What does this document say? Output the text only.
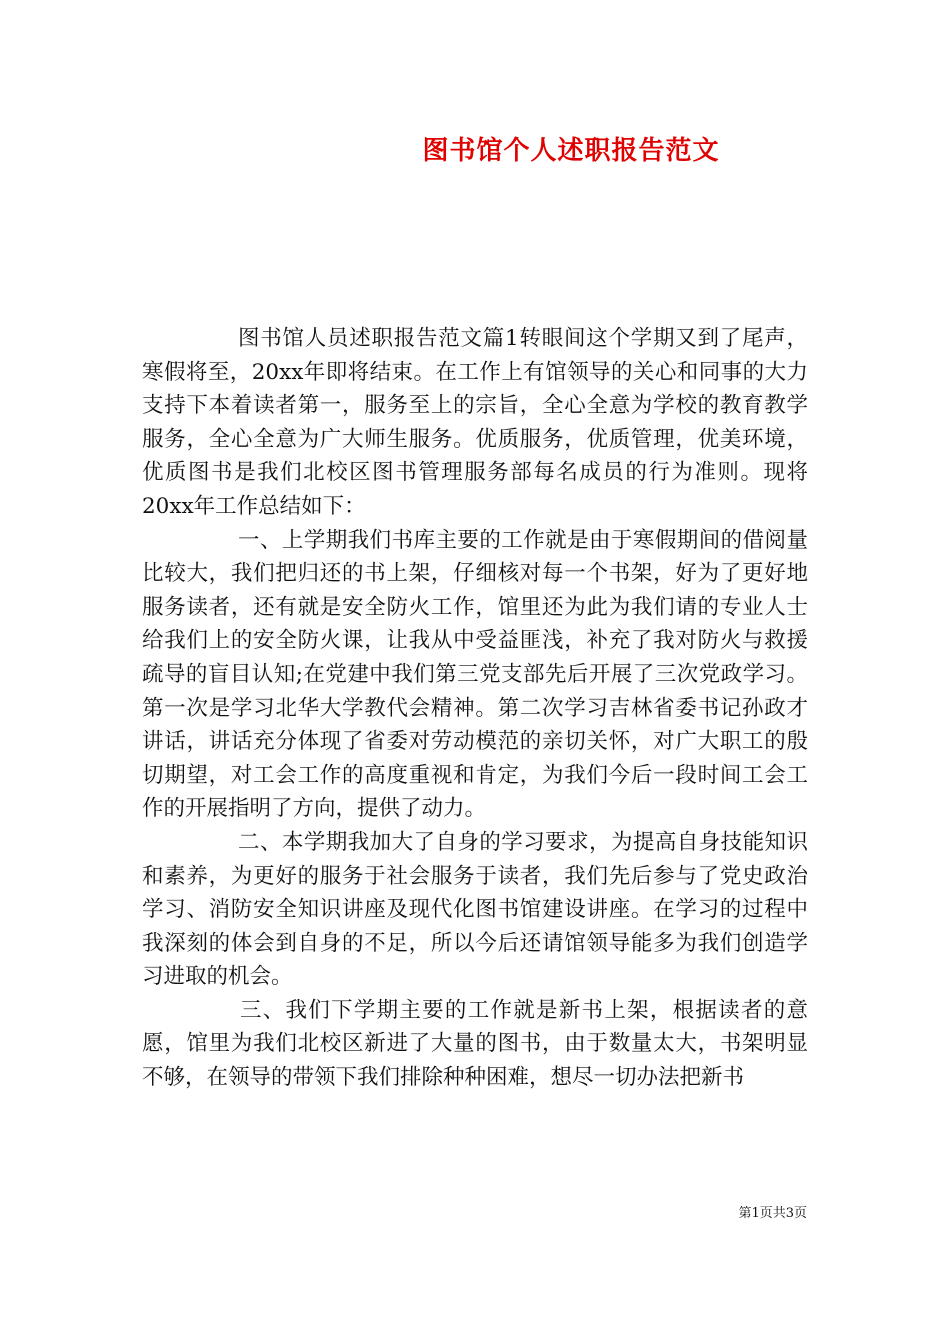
图书馆个人述职报告范文

图书馆人员述职报告范文篇1转眼间这个学期又到了尾声，寒假将至，20xx年即将结束。在工作上有馆领导的关心和同事的大力支持下本着读者第一，服务至上的宗旨，全心全意为学校的教育教学服务，全心全意为广大师生服务。优质服务，优质管理，优美环境，优质图书是我们北校区图书管理服务部每名成员的行为准则。现将20xx年工作总结如下：

一、上学期我们书库主要的工作就是由于寒假期间的借阅量比较大，我们把归还的书上架，仔细核对每一个书架，好为了更好地服务读者，还有就是安全防火工作，馆里还为此为我们请的专业人士给我们上的安全防火课，让我从中受益匪浅，补充了我对防火与救援疏导的盲目认知;在党建中我们第三党支部先后开展了三次党政学习。第一次是学习北华大学教代会精神。第二次学习吉林省委书记孙政才讲话，讲话充分体现了省委对劳动模范的亲切关怀，对广大职工的殷切期望，对工会工作的高度重视和肯定，为我们今后一段时间工会工作的开展指明了方向，提供了动力。

二、本学期我加大了自身的学习要求，为提高自身技能知识和素养，为更好的服务于社会服务于读者，我们先后参与了党史政治学习、消防安全知识讲座及现代化图书馆建设讲座。在学习的过程中我深刻的体会到自身的不足，所以今后还请馆领导能多为我们创造学习进取的机会。

三、我们下学期主要的工作就是新书上架，根据读者的意愿，馆里为我们北校区新进了大量的图书，由于数量太大，书架明显不够，在领导的带领下我们排除种种困难，想尽一切办法把新书

第1页共3页
